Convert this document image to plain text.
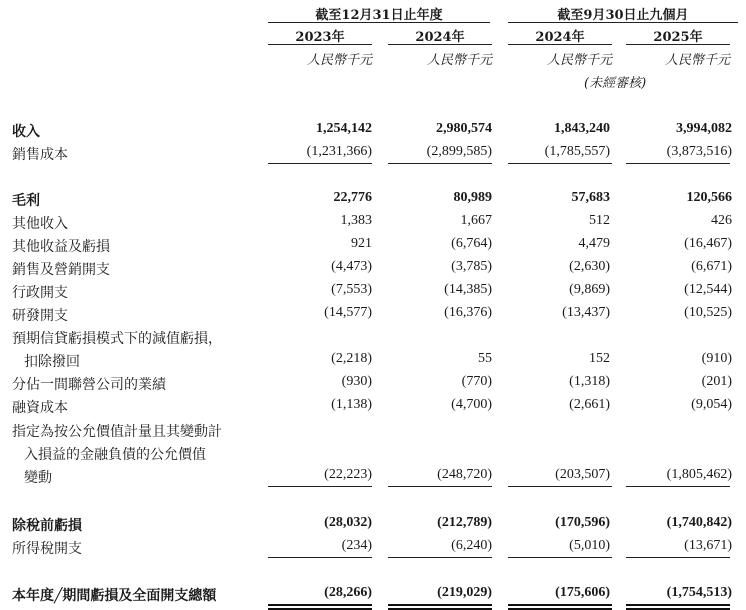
截至12月31日止年度	截至9月30日止九個月
2023年	2024年	2024年	2025年
人民幣千元	人民幣千元	人民幣千元	人民幣千元
(未經審核)
收入	1,254,142	2,980,574	1,843,240	3,994,082
銷售成本	(1,231,366)	(2,899,585)	(1,785,557)	(3,873,516)
毛利	22,776	80,989	57,683	120,566
其他收入	1,383	1,667	512	426
其他收益及虧損	921	(6,764)	4,479	(16,467)
銷售及營銷開支	(4,473)	(3,785)	(2,630)	(6,671)
行政開支	(7,553)	(14,385)	(9,869)	(12,544)
研發開支	(14,577)	(16,376)	(13,437)	(10,525)
預期信貸虧損模式下的減值虧損，
扣除撥回	(2,218)	55	152	(910)
分佔一間聯營公司的業績	(930)	(770)	(1,318)	(201)
融資成本	(1,138)	(4,700)	(2,661)	(9,054)
指定為按公允價值計量且其變動計
入損益的金融負債的公允價值
變動	(22,223)	(248,720)	(203,507)	(1,805,462)
除稅前虧損	(28,032)	(212,789)	(170,596)	(1,740,842)
所得稅開支	(234)	(6,240)	(5,010)	(13,671)
本年度╱期間虧損及全面開支總額	(28,266)	(219,029)	(175,606)	(1,754,513)
